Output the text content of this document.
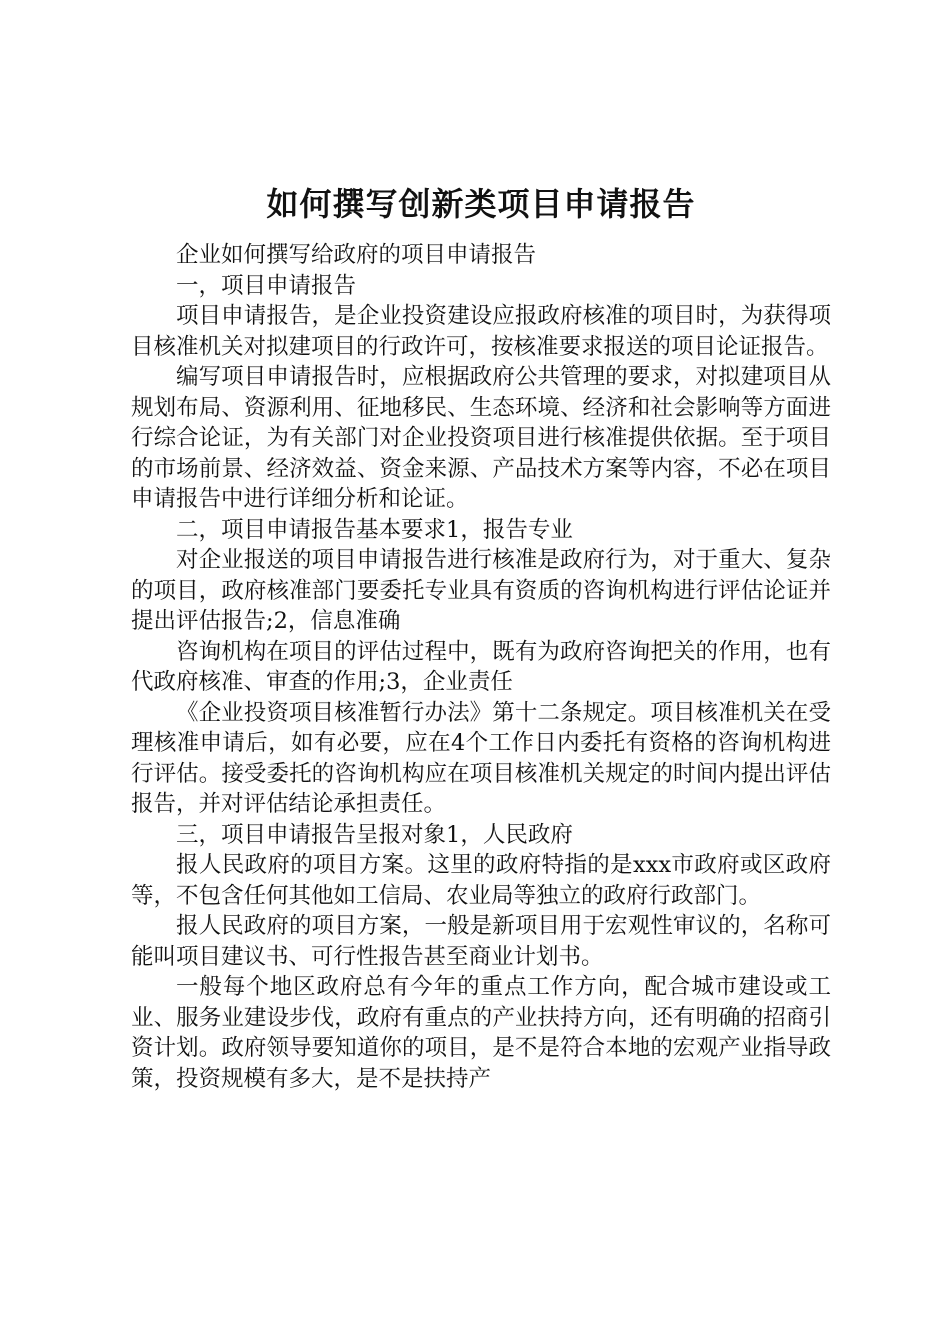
如何撰写创新类项目申请报告

企业如何撰写给政府的项目申请报告

一，项目申请报告

项目申请报告，是企业投资建设应报政府核准的项目时，为获得项目核准机关对拟建项目的行政许可，按核准要求报送的项目论证报告。

编写项目申请报告时，应根据政府公共管理的要求，对拟建项目从规划布局、资源利用、征地移民、生态环境、经济和社会影响等方面进行综合论证，为有关部门对企业投资项目进行核准提供依据。至于项目的市场前景、经济效益、资金来源、产品技术方案等内容，不必在项目申请报告中进行详细分析和论证。

二，项目申请报告基本要求1，报告专业

对企业报送的项目申请报告进行核准是政府行为，对于重大、复杂的项目，政府核准部门要委托专业具有资质的咨询机构进行评估论证并提出评估报告;2，信息准确

咨询机构在项目的评估过程中，既有为政府咨询把关的作用，也有代政府核准、审查的作用;3，企业责任

《企业投资项目核准暂行办法》第十二条规定。项目核准机关在受理核准申请后，如有必要，应在4个工作日内委托有资格的咨询机构进行评估。接受委托的咨询机构应在项目核准机关规定的时间内提出评估报告，并对评估结论承担责任。

三，项目申请报告呈报对象1，人民政府

报人民政府的项目方案。这里的政府特指的是xxx市政府或区政府等，不包含任何其他如工信局、农业局等独立的政府行政部门。

报人民政府的项目方案，一般是新项目用于宏观性审议的，名称可能叫项目建议书、可行性报告甚至商业计划书。

一般每个地区政府总有今年的重点工作方向，配合城市建设或工业、服务业建设步伐，政府有重点的产业扶持方向，还有明确的招商引资计划。政府领导要知道你的项目，是不是符合本地的宏观产业指导政策，投资规模有多大，是不是扶持产
